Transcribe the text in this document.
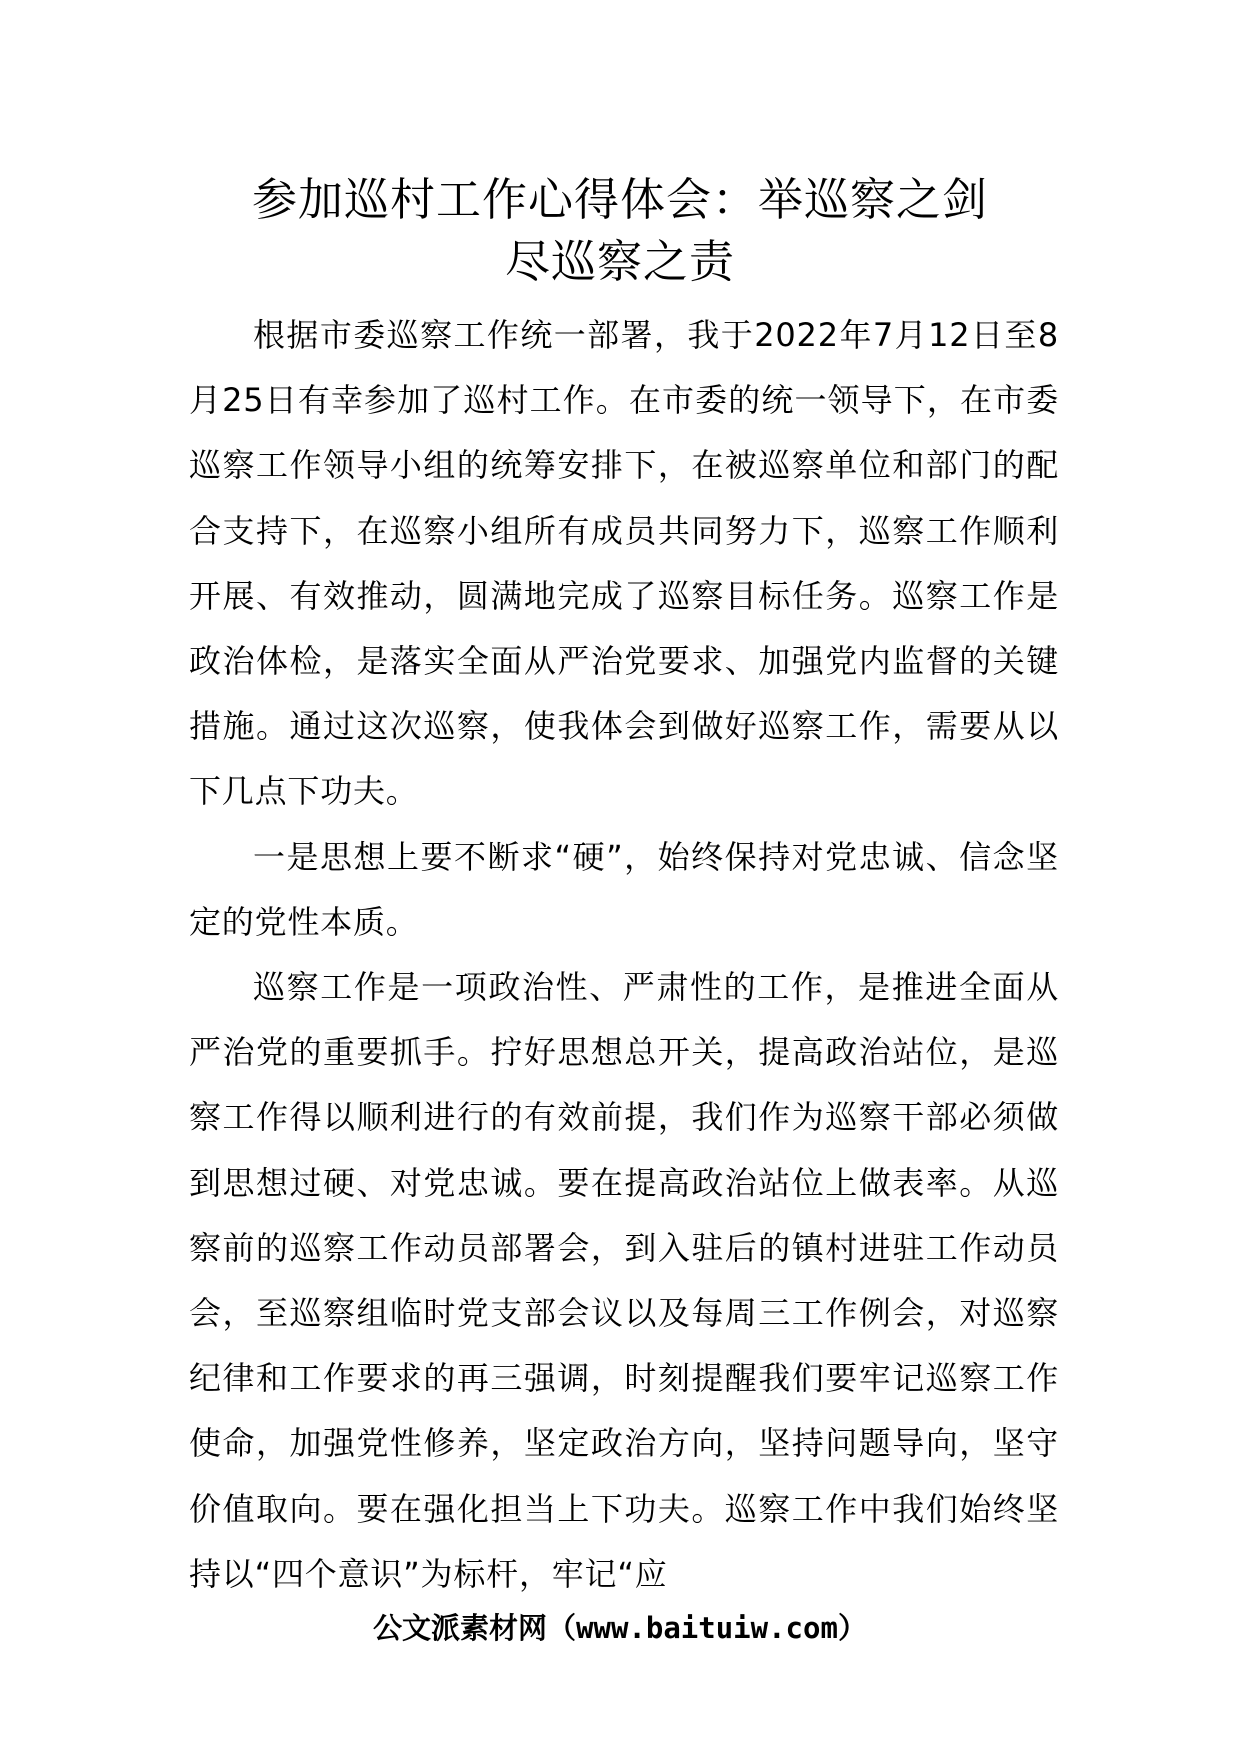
参加巡村工作心得体会：举巡察之剑
尽巡察之责

根据市委巡察工作统一部署，我于2022年7月12日至8月25日有幸参加了巡村工作。在市委的统一领导下，在市委巡察工作领导小组的统筹安排下，在被巡察单位和部门的配合支持下，在巡察小组所有成员共同努力下，巡察工作顺利开展、有效推动，圆满地完成了巡察目标任务。巡察工作是政治体检，是落实全面从严治党要求、加强党内监督的关键措施。通过这次巡察，使我体会到做好巡察工作，需要从以下几点下功夫。

一是思想上要不断求“硬”，始终保持对党忠诚、信念坚定的党性本质。

巡察工作是一项政治性、严肃性的工作，是推进全面从严治党的重要抓手。拧好思想总开关，提高政治站位，是巡察工作得以顺利进行的有效前提，我们作为巡察干部必须做到思想过硬、对党忠诚。要在提高政治站位上做表率。从巡察前的巡察工作动员部署会，到入驻后的镇村进驻工作动员会，至巡察组临时党支部会议以及每周三工作例会，对巡察纪律和工作要求的再三强调，时刻提醒我们要牢记巡察工作使命，加强党性修养，坚定政治方向，坚持问题导向，坚守价值取向。要在强化担当上下功夫。巡察工作中我们始终坚持以“四个意识”为标杆，牢记“应

公文派素材网（www.baituiw.com）
